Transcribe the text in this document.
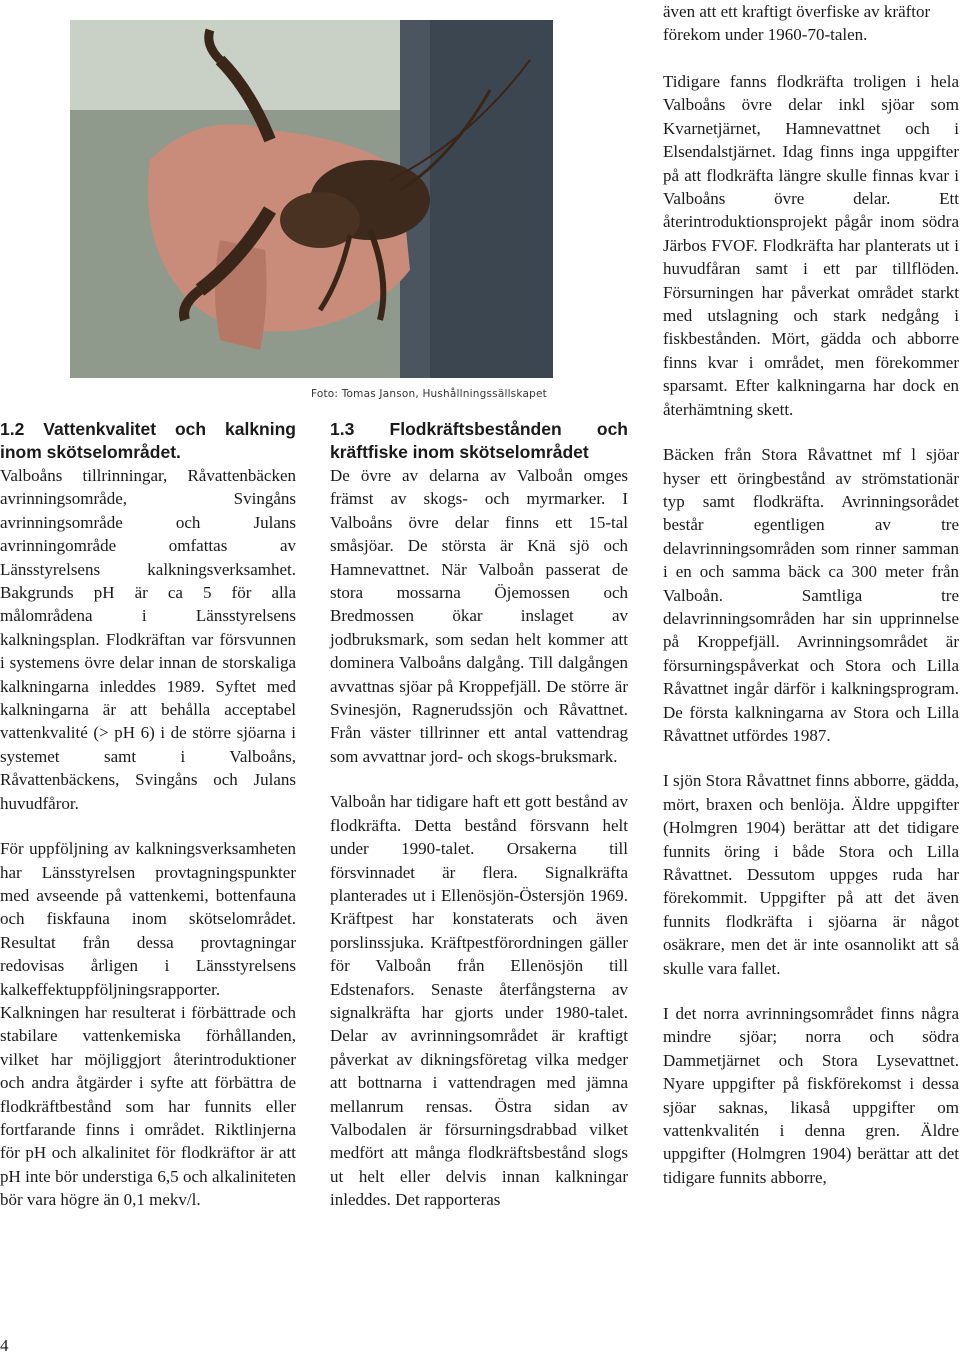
Foto: Tomas Janson, Hushållningssällskapet
även att ett kraftigt överfiske av kräftor förekom under 1960-70-talen.
1.2 Vattenkvalitet och kalkning inom skötselområdet.

Valboåns tillrinningar, Råvattenbäcken avrinningsområde, Svingåns avrinningsområde och Julans avrinningområde omfattas av Länsstyrelsens kalkningsverksamhet. Bakgrunds pH är ca 5 för alla målområdena i Länsstyrelsens kalkningsplan. Flodkräftan var försvunnen i systemens övre delar innan de storskaliga kalkningarna inleddes 1989. Syftet med kalkningarna är att behålla acceptabel vattenkvalité (> pH 6) i de större sjöarna i systemet samt i Valboåns, Råvattenbäckens, Svingåns och Julans huvudfåror.

För uppföljning av kalkningsverksamheten har Länsstyrelsen provtagningspunkter med avseende på vattenkemi, bottenfauna och fiskfauna inom skötselområdet. Resultat från dessa provtagningar redovisas årligen i Länsstyrelsens kalkeffektuppföljningsrapporter. Kalkningen har resulterat i förbättrade och stabilare vattenkemiska förhållanden, vilket har möjliggjort återintroduktioner och andra åtgärder i syfte att förbättra de flodkräftbestånd som har funnits eller fortfarande finns i området. Riktlinjerna för pH och alkalinitet för flodkräftor är att pH inte bör understiga 6,5 och alkaliniteten bör vara högre än 0,1 mekv/l.

1.3 Flodkräftsbestånden och kräftfiske inom skötselområdet

De övre av delarna av Valboån omges främst av skogs- och myrmarker. I Valboåns övre delar finns ett 15-tal småsjöar. De största är Knä sjö och Hamnevattnet. När Valboån passerat de stora mossarna Öjemossen och Bredmossen ökar inslaget av jodbruksmark, som sedan helt kommer att dominera Valboåns dalgång. Till dalgången avvattnas sjöar på Kroppefjäll. De större är Svinesjön, Ragnerudssjön och Råvattnet. Från väster tillrinner ett antal vattendrag som avvattnar jord- och skogs-bruksmark.

Valboån har tidigare haft ett gott bestånd av flodkräfta. Detta bestånd försvann helt under 1990-talet. Orsakerna till försvinnadet är flera. Signalkräfta planterades ut i Ellenösjön-Östersjön 1969. Kräftpest har konstaterats och även porslinssjuka. Kräftpestförordningen gäller för Valboån från Ellenösjön till Edstenafors. Senaste återfångsterna av signalkräfta har gjorts under 1980-talet. Delar av avrinningsområdet är kraftigt påverkat av dikningsföretag vilka medger att bottnarna i vattendragen med jämna mellanrum rensas. Östra sidan av Valbodalen är försurningsdrabbad vilket medfört att många flodkräftsbestånd slogs ut helt eller delvis innan kalkningar inleddes. Det rapporteras

Tidigare fanns flodkräfta troligen i hela Valboåns övre delar inkl sjöar som Kvarnetjärnet, Hamnevattnet och i Elsendalstjärnet. Idag finns inga uppgifter på att flodkräfta längre skulle finnas kvar i Valboåns övre delar. Ett återintroduktionsprojekt pågår inom södra Järbos FVOF. Flodkräfta har planterats ut i huvudfåran samt i ett par tillflöden. Försurningen har påverkat området starkt med utslagning och stark nedgång i fiskbestånden. Mört, gädda och abborre finns kvar i området, men förekommer sparsamt. Efter kalkningarna har dock en återhämtning skett.

Bäcken från Stora Råvattnet mf l sjöar hyser ett öringbestånd av strömstationär typ samt flodkräfta. Avrinningsorådet består egentligen av tre delavrinningsområden som rinner samman i en och samma bäck ca 300 meter från Valboån. Samtliga tre delavrinningsområden har sin upprinnelse på Kroppefjäll. Avrinningsområdet är försurningspåverkat och Stora och Lilla Råvattnet ingår därför i kalkningsprogram. De första kalkningarna av Stora och Lilla Råvattnet utfördes 1987.

I sjön Stora Råvattnet finns abborre, gädda, mört, braxen och benlöja. Äldre uppgifter (Holmgren 1904) berättar att det tidigare funnits öring i både Stora och Lilla Råvattnet. Dessutom uppges ruda har förekommit. Uppgifter på att det även funnits flodkräfta i sjöarna är något osäkrare, men det är inte osannolikt att så skulle vara fallet.

I det norra avrinningsområdet finns några mindre sjöar; norra och södra Dammetjärnet och Stora Lysevattnet. Nyare uppgifter på fiskförekomst i dessa sjöar saknas, likaså uppgifter om vattenkvalitén i denna gren. Äldre uppgifter (Holmgren 1904) berättar att det tidigare funnits abborre,

4
